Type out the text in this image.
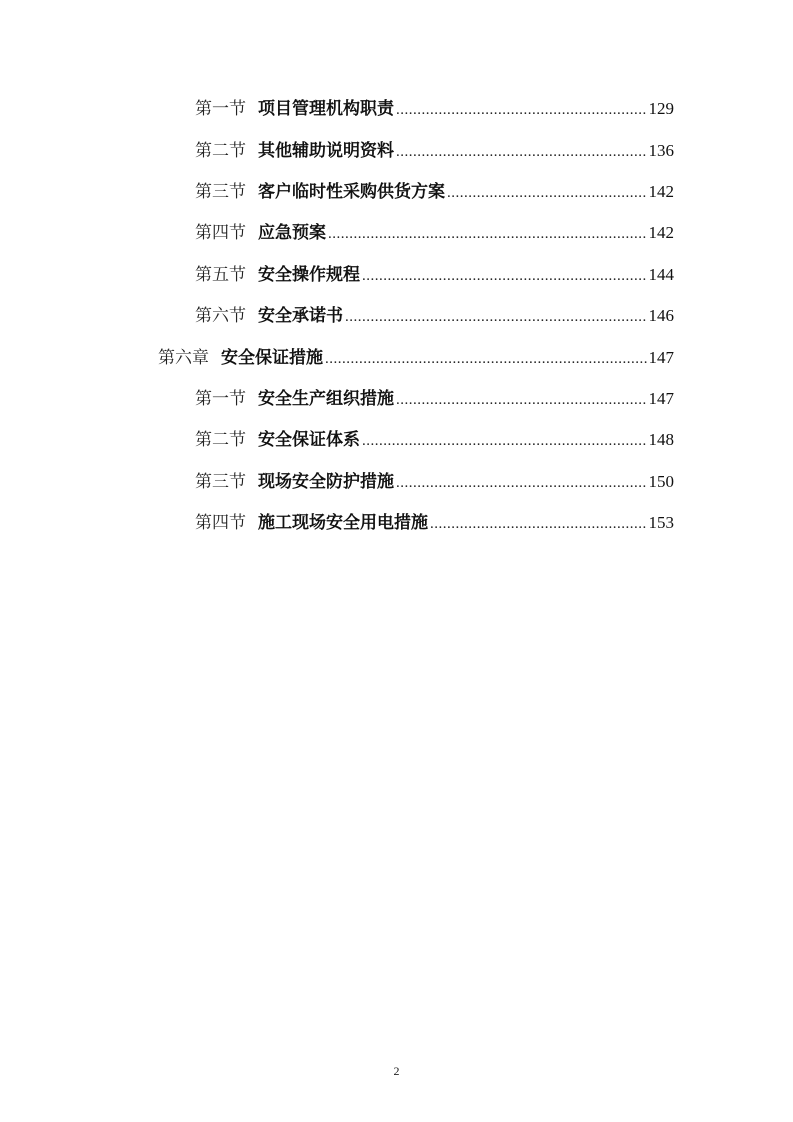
第一节 项目管理机构职责 .....	129
第二节 其他辅助说明资料 .....	136
第三节 客户临时性采购供货方案 .....	142
第四节 应急预案 .....	142
第五节 安全操作规程 .....	144
第六节 安全承诺书 .....	146
第六章 安全保证措施 .....	147
第一节 安全生产组织措施 .....	147
第二节 安全保证体系 .....	148
第三节 现场安全防护措施 .....	150
第四节 施工现场安全用电措施 .....	153
2
